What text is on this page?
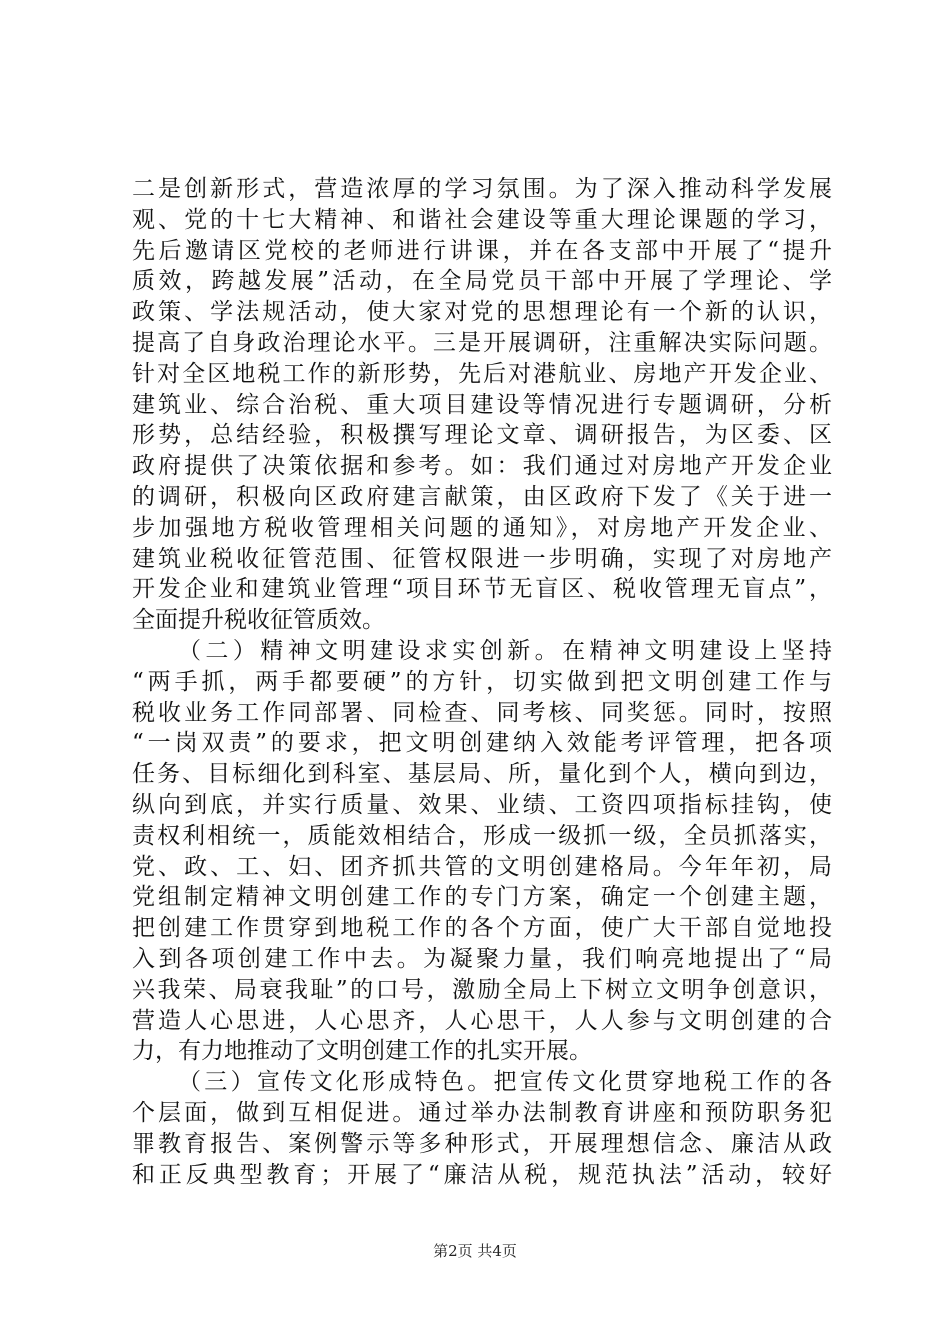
二是创新形式，营造浓厚的学习氛围。为了深入推动科学发展
观、党的十七大精神、和谐社会建设等重大理论课题的学习，
先后邀请区党校的老师进行讲课，并在各支部中开展了“提升
质效，跨越发展”活动，在全局党员干部中开展了学理论、学
政策、学法规活动，使大家对党的思想理论有一个新的认识，
提高了自身政治理论水平。三是开展调研，注重解决实际问题。
针对全区地税工作的新形势，先后对港航业、房地产开发企业、
建筑业、综合治税、重大项目建设等情况进行专题调研，分析
形势，总结经验，积极撰写理论文章、调研报告，为区委、区
政府提供了决策依据和参考。如：我们通过对房地产开发企业
的调研，积极向区政府建言献策，由区政府下发了《关于进一
步加强地方税收管理相关问题的通知》，对房地产开发企业、
建筑业税收征管范围、征管权限进一步明确，实现了对房地产
开发企业和建筑业管理“项目环节无盲区、税收管理无盲点”，
全面提升税收征管质效。
（二）精神文明建设求实创新。在精神文明建设上坚持
“两手抓，两手都要硬”的方针，切实做到把文明创建工作与
税收业务工作同部署、同检查、同考核、同奖惩。同时，按照
“一岗双责”的要求，把文明创建纳入效能考评管理，把各项
任务、目标细化到科室、基层局、所，量化到个人，横向到边，
纵向到底，并实行质量、效果、业绩、工资四项指标挂钩，使
责权利相统一，质能效相结合，形成一级抓一级，全员抓落实，
党、政、工、妇、团齐抓共管的文明创建格局。今年年初，局
党组制定精神文明创建工作的专门方案，确定一个创建主题，
把创建工作贯穿到地税工作的各个方面，使广大干部自觉地投
入到各项创建工作中去。为凝聚力量，我们响亮地提出了“局
兴我荣、局衰我耻”的口号，激励全局上下树立文明争创意识，
营造人心思进，人心思齐，人心思干，人人参与文明创建的合
力，有力地推动了文明创建工作的扎实开展。
（三）宣传文化形成特色。把宣传文化贯穿地税工作的各
个层面，做到互相促进。通过举办法制教育讲座和预防职务犯
罪教育报告、案例警示等多种形式，开展理想信念、廉洁从政
和正反典型教育；开展了“廉洁从税，规范执法”活动，较好
第2页 共4页
